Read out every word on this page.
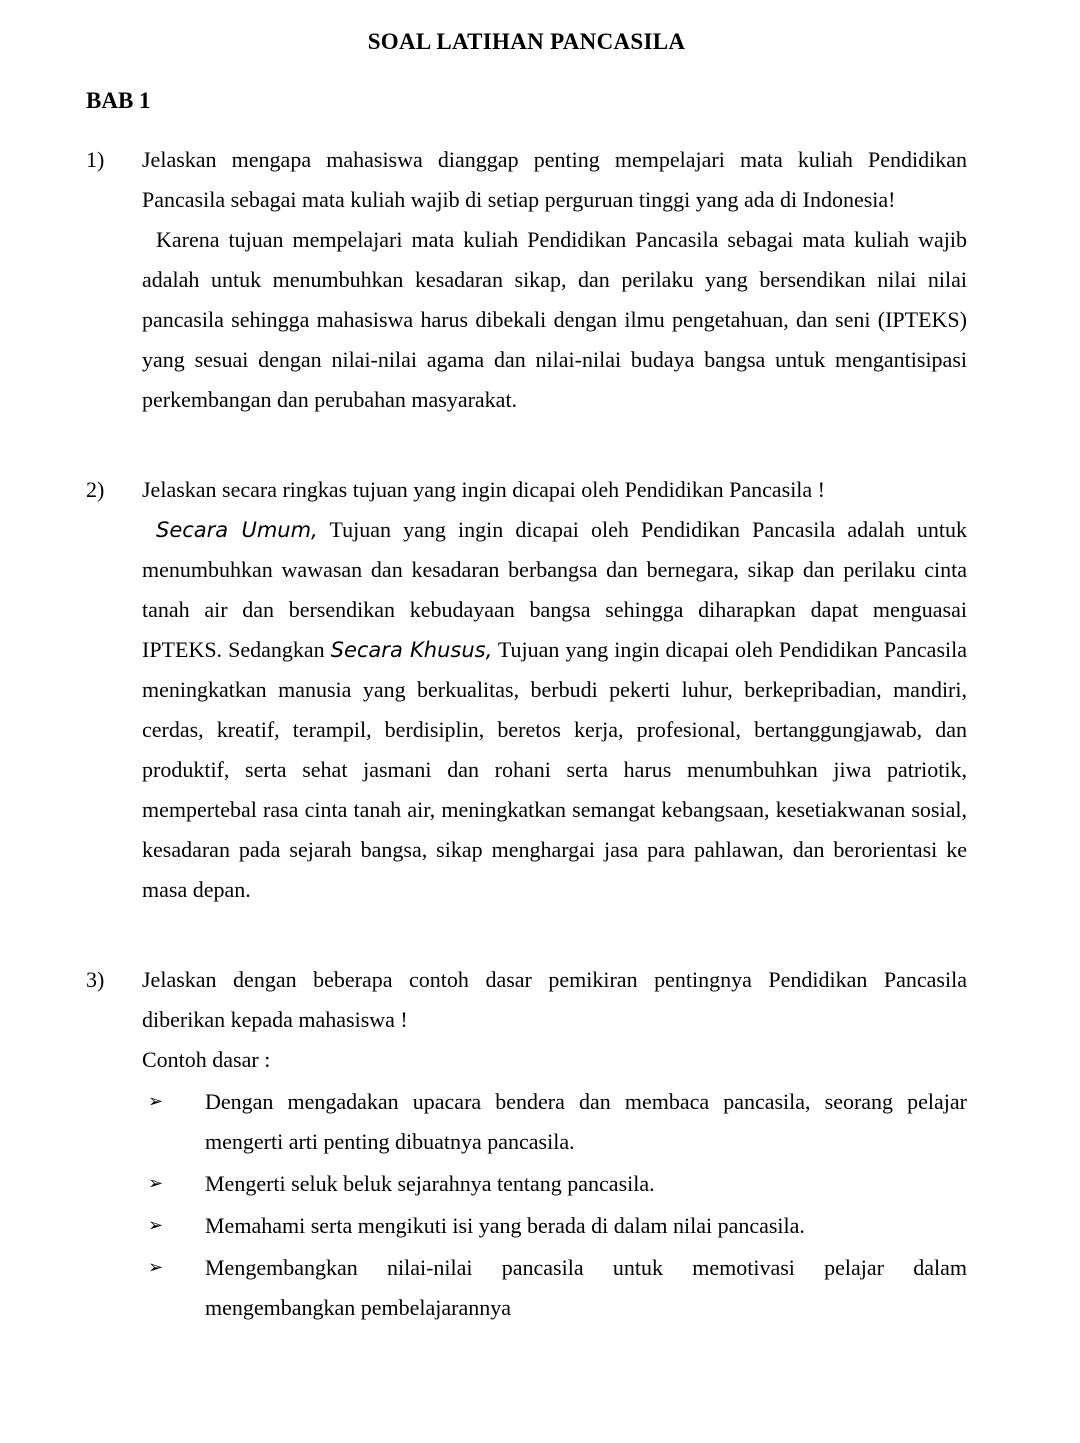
SOAL LATIHAN PANCASILA
BAB 1
1)	Jelaskan mengapa mahasiswa dianggap penting mempelajari mata kuliah Pendidikan Pancasila sebagai mata kuliah wajib di setiap perguruan tinggi yang ada di Indonesia!

Karena tujuan mempelajari mata kuliah Pendidikan Pancasila sebagai mata kuliah wajib adalah untuk menumbuhkan kesadaran sikap, dan perilaku yang bersendikan nilai nilai pancasila sehingga mahasiswa harus dibekali dengan ilmu pengetahuan, dan seni (IPTEKS) yang sesuai dengan nilai-nilai agama dan nilai-nilai budaya bangsa untuk mengantisipasi perkembangan dan perubahan masyarakat.

2)	Jelaskan secara ringkas tujuan yang ingin dicapai oleh Pendidikan Pancasila !

Secara Umum, Tujuan yang ingin dicapai oleh Pendidikan Pancasila adalah untuk menumbuhkan wawasan dan kesadaran berbangsa dan bernegara, sikap dan perilaku cinta tanah air dan bersendikan kebudayaan bangsa sehingga diharapkan dapat menguasai IPTEKS. Sedangkan Secara Khusus, Tujuan yang ingin dicapai oleh Pendidikan Pancasila meningkatkan manusia yang berkualitas, berbudi pekerti luhur, berkepribadian, mandiri, cerdas, kreatif, terampil, berdisiplin, beretos kerja, profesional, bertanggungjawab, dan produktif, serta sehat jasmani dan rohani serta harus menumbuhkan jiwa patriotik, mempertebal rasa cinta tanah air, meningkatkan semangat kebangsaan, kesetiakwanan sosial, kesadaran pada sejarah bangsa, sikap menghargai jasa para pahlawan, dan berorientasi ke masa depan.

3)	Jelaskan dengan beberapa contoh dasar pemikiran pentingnya Pendidikan Pancasila diberikan kepada mahasiswa !

Contoh dasar :

➢	Dengan mengadakan upacara bendera dan membaca pancasila, seorang pelajar mengerti arti penting dibuatnya pancasila.
➢	Mengerti seluk beluk sejarahnya tentang pancasila.
➢	Memahami serta mengikuti isi yang berada di dalam nilai pancasila.
➢	Mengembangkan nilai-nilai pancasila untuk memotivasi pelajar dalam mengembangkan pembelajarannya
